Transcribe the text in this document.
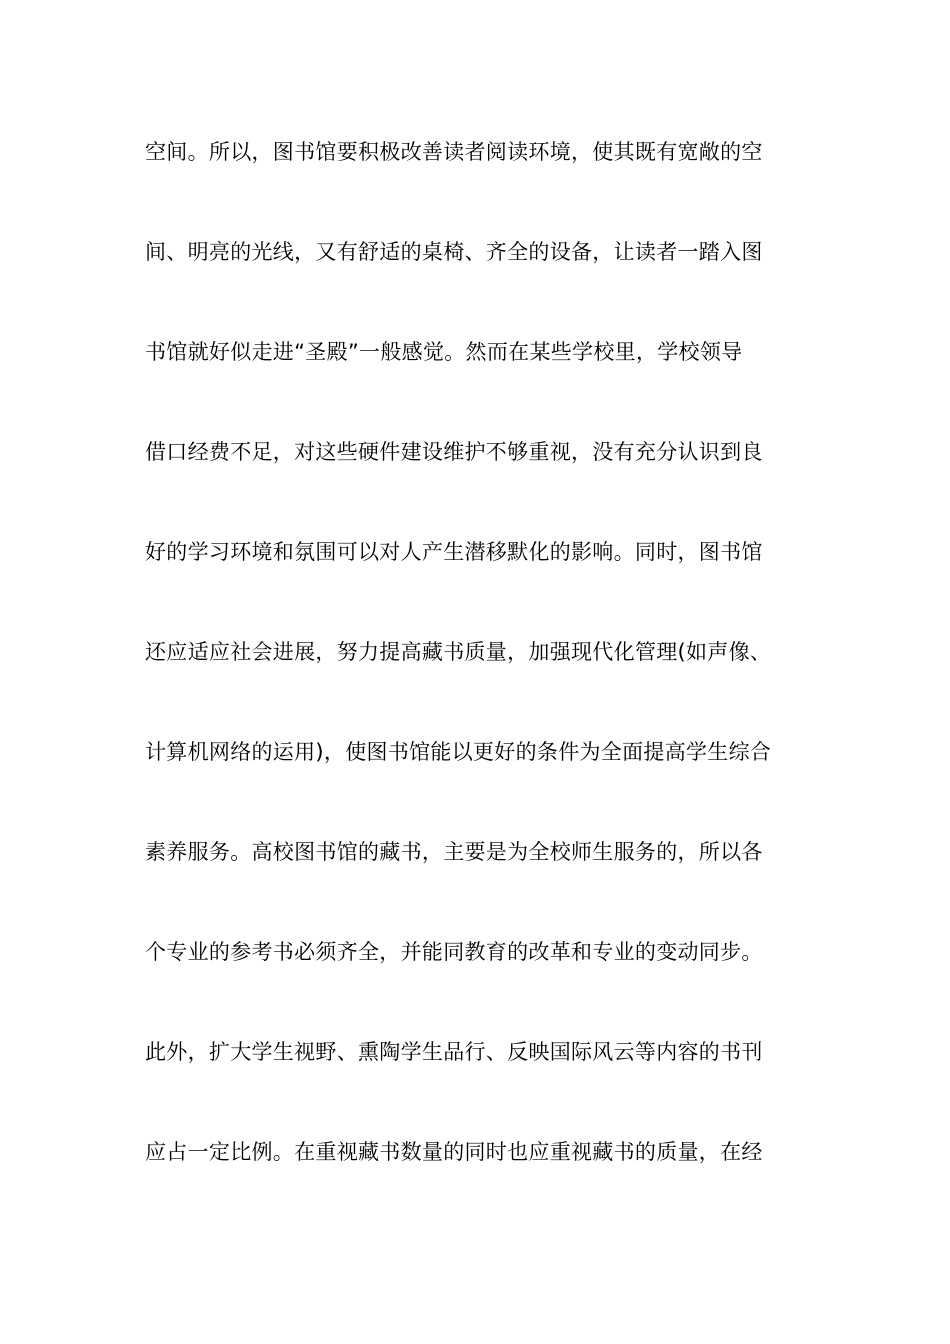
空间。所以，图书馆要积极改善读者阅读环境，使其既有宽敞的空
间、明亮的光线，又有舒适的桌椅、齐全的设备，让读者一踏入图
书馆就好似走进“圣殿”一般感觉。然而在某些学校里，学校领导
借口经费不足，对这些硬件建设维护不够重视，没有充分认识到良
好的学习环境和氛围可以对人产生潜移默化的影响。同时，图书馆
还应适应社会进展，努力提高藏书质量，加强现代化管理(如声像、
计算机网络的运用)，使图书馆能以更好的条件为全面提高学生综合
素养服务。高校图书馆的藏书，主要是为全校师生服务的，所以各
个专业的参考书必须齐全，并能同教育的改革和专业的变动同步。
此外，扩大学生视野、熏陶学生品行、反映国际风云等内容的书刊
应占一定比例。在重视藏书数量的同时也应重视藏书的质量，在经
